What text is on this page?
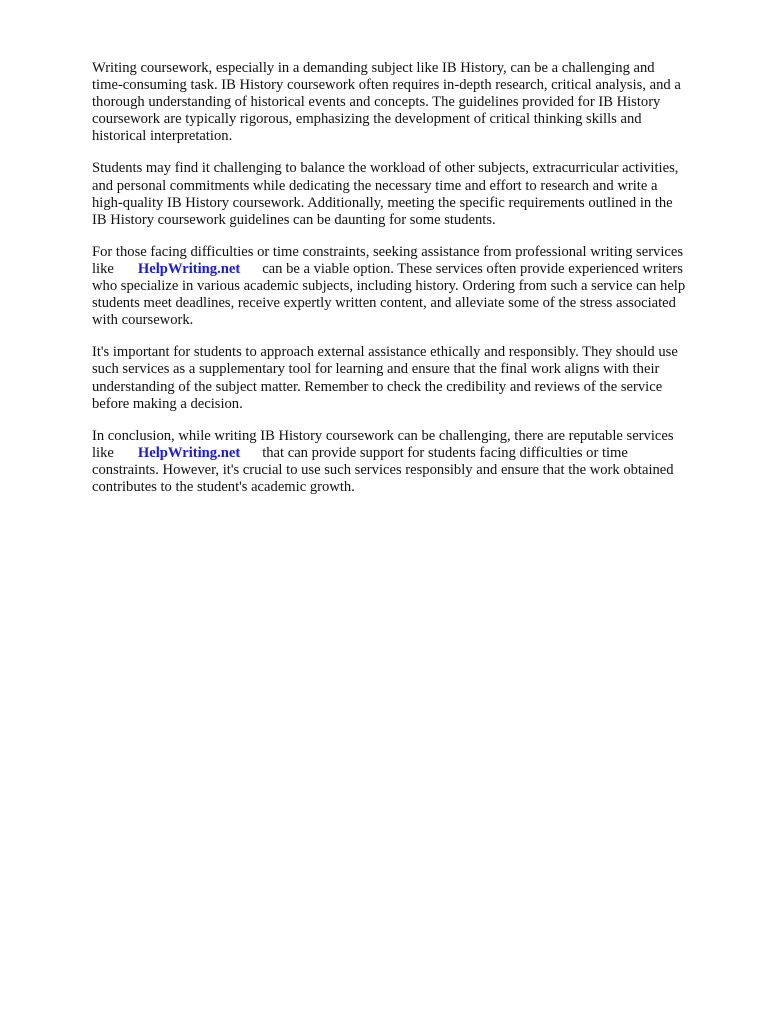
Writing coursework, especially in a demanding subject like IB History, can be a challenging and
time-consuming task. IB History coursework often requires in-depth research, critical analysis, and a
thorough understanding of historical events and concepts. The guidelines provided for IB History
coursework are typically rigorous, emphasizing the development of critical thinking skills and
historical interpretation.

Students may find it challenging to balance the workload of other subjects, extracurricular activities,
and personal commitments while dedicating the necessary time and effort to research and write a
high-quality IB History coursework. Additionally, meeting the specific requirements outlined in the
IB History coursework guidelines can be daunting for some students.

For those facing difficulties or time constraints, seeking assistance from professional writing services
like HelpWriting.net can be a viable option. These services often provide experienced writers
who specialize in various academic subjects, including history. Ordering from such a service can help
students meet deadlines, receive expertly written content, and alleviate some of the stress associated
with coursework.

It's important for students to approach external assistance ethically and responsibly. They should use
such services as a supplementary tool for learning and ensure that the final work aligns with their
understanding of the subject matter. Remember to check the credibility and reviews of the service
before making a decision.

In conclusion, while writing IB History coursework can be challenging, there are reputable services
like HelpWriting.net that can provide support for students facing difficulties or time
constraints. However, it's crucial to use such services responsibly and ensure that the work obtained
contributes to the student's academic growth.
